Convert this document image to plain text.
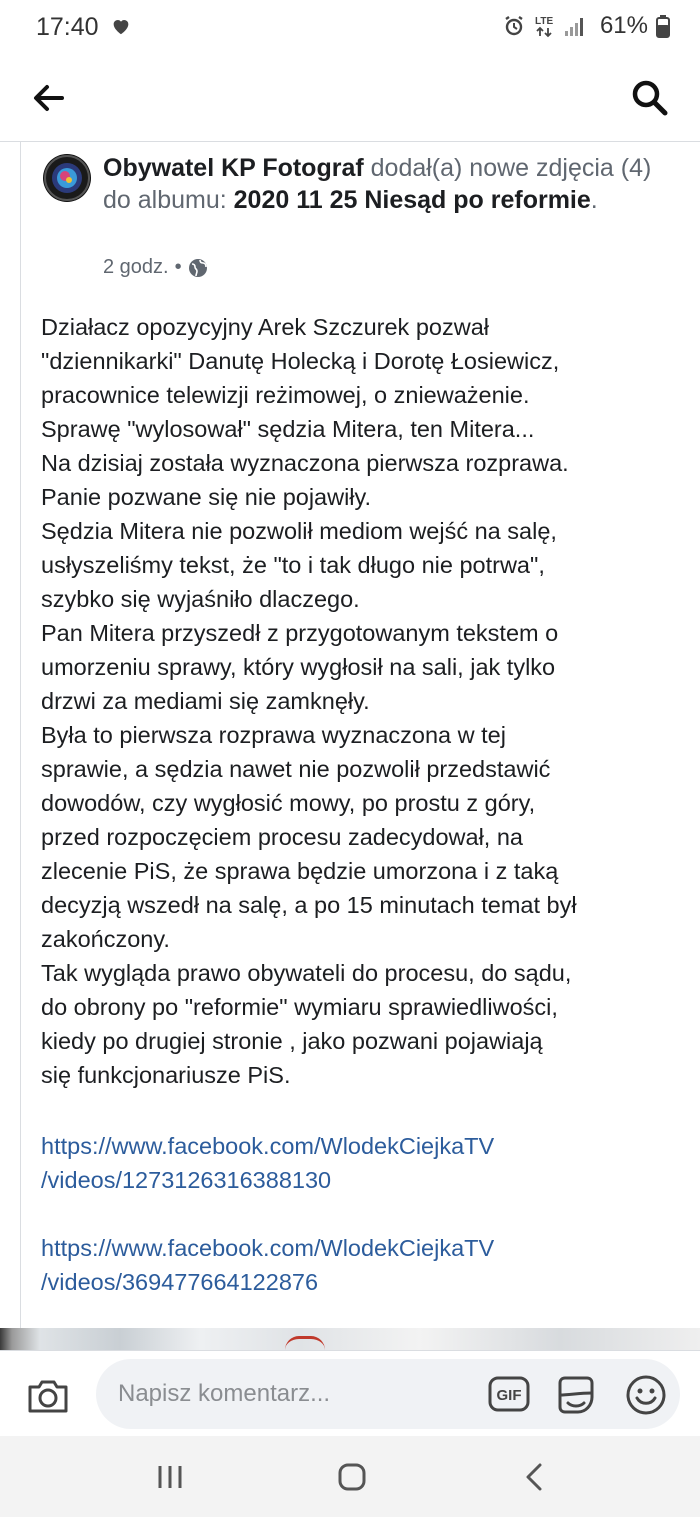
17:40	LTE 61%
Obywatel KP Fotograf dodał(a) nowe zdjęcia (4) do albumu: 2020 11 25 Niesąd po reformie.
2 godz. •

Działacz opozycyjny Arek Szczurek pozwał

"dziennikarki" Danutę Holecką i Dorotę Łosiewicz,

pracownice telewizji reżimowej, o znieważenie.

Sprawę "wylosował" sędzia Mitera, ten Mitera...

Na dzisiaj została wyznaczona pierwsza rozprawa.

Panie pozwane się nie pojawiły.

Sędzia Mitera nie pozwolił mediom wejść na salę,

usłyszeliśmy tekst, że "to i tak długo nie potrwa",

szybko się wyjaśniło dlaczego.

Pan Mitera przyszedł z przygotowanym tekstem o

umorzeniu sprawy, który wygłosił na sali, jak tylko

drzwi za mediami się zamknęły.

Była to pierwsza rozprawa wyznaczona w tej

sprawie, a sędzia nawet nie pozwolił przedstawić

dowodów, czy wygłosić mowy, po prostu z góry,

przed rozpoczęciem procesu zadecydował, na

zlecenie PiS, że sprawa będzie umorzona i z taką

decyzją wszedł na salę, a po 15 minutach temat był

zakończony.

Tak wygląda prawo obywateli do procesu, do sądu,

do obrony po "reformie" wymiaru sprawiedliwości,

kiedy po drugiej stronie , jako pozwani pojawiają

się funkcjonariusze PiS.

https://www.facebook.com/WlodekCiejkaTV
/videos/1273126316388130
https://www.facebook.com/WlodekCiejkaTV
/videos/369477664122876
Napisz komentarz...	GIF
